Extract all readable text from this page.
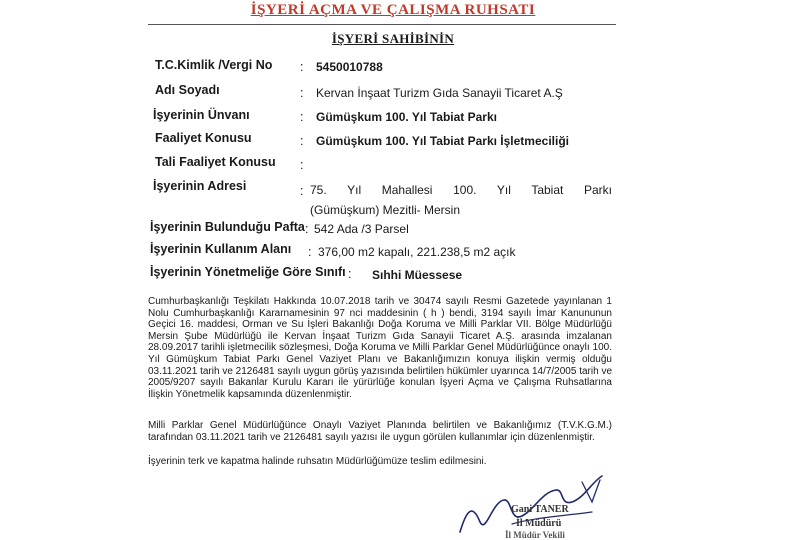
İŞYERİ AÇMA VE ÇALIŞMA RUHSATI
İŞYERİ SAHİBİNİN
T.C.Kimlik /Vergi No : 5450010788
Adı Soyadı	: Kervan İnşaat Turizm Gıda Sanayii Ticaret A.Ş
İşyerinin Ünvanı	: Gümüşkum 100. Yıl Tabiat Parkı
Faaliyet Konusu	: Gümüşkum 100. Yıl Tabiat Parkı İşletmeciliği
Tali Faaliyet Konusu :
İşyerinin Adresi	: 75. Yıl Mahallesi 100. Yıl Tabiat Parkı
(Gümüşkum) Mezitli- Mersin
İşyerinin Bulunduğu Pafta : 542 Ada /3 Parsel
İşyerinin Kullanım Alanı : 376,00 m2 kapalı, 221.238,5 m2 açık
İşyerinin Yönetmeliğe Göre Sınıfı : Sıhhi Müessese

Cumhurbaşkanlığı Teşkilatı Hakkında 10.07.2018 tarih ve 30474 sayılı Resmi Gazetede yayınlanan 1 Nolu Cumhurbaşkanlığı Kararnamesinin 97 nci maddesinin ( h ) bendi, 3194 sayılı İmar Kanununun Geçici 16. maddesi, Orman ve Su İşleri Bakanlığı Doğa Koruma ve Milli Parklar VII. Bölge Müdürlüğü Mersin Şube Müdürlüğü ile Kervan İnşaat Turizm Gıda Sanayii Ticaret A.Ş. arasında imzalanan 28.09.2017 tarihli işletmecilik sözleşmesi, Doğa Koruma ve Milli Parklar Genel Müdürlüğünce onaylı 100. Yıl Gümüşkum Tabiat Parkı Genel Vaziyet Planı ve Bakanlığımızın konuya ilişkin vermiş olduğu 03.11.2021 tarih ve 2126481 sayılı uygun görüş yazısında belirtilen hükümler uyarınca 14/7/2005 tarih ve 2005/9207 sayılı Bakanlar Kurulu Kararı ile yürürlüğe konulan İşyeri Açma ve Çalışma Ruhsatlarına İlişkin Yönetmelik kapsamında düzenlenmiştir.

Milli Parklar Genel Müdürlüğünce Onaylı Vaziyet Planında belirtilen ve Bakanlığımız (T.V.K.G.M.) tarafından 03.11.2021 tarih ve 2126481 sayılı yazısı ile uygun görülen kullanımlar için düzenlenmiştir.

İşyerinin terk ve kapatma halinde ruhsatın Müdürlüğümüze teslim edilmesini.

Gani TANER
İl Müdürü
İl Müdür Vekili
